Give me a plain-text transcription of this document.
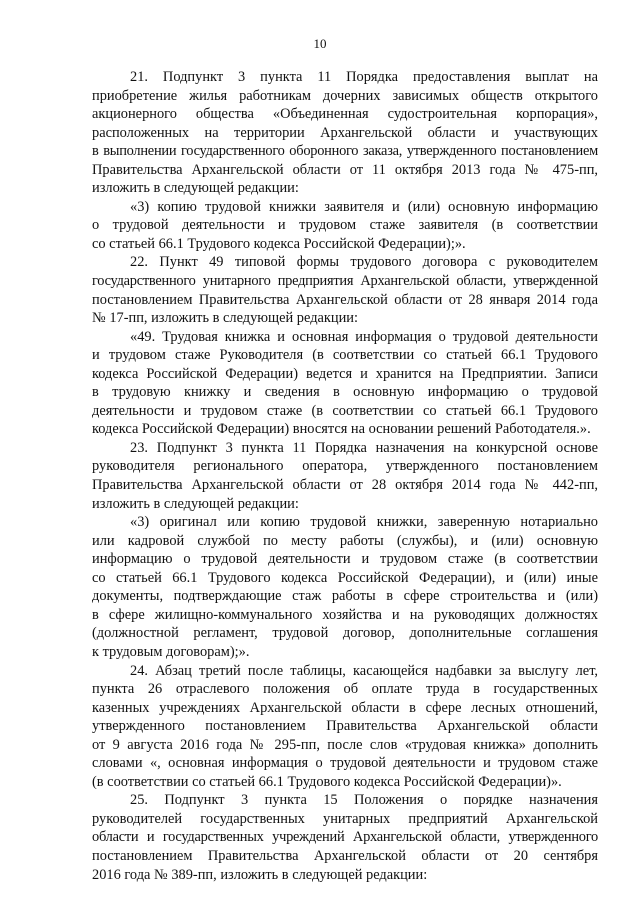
10
21. Подпункт 3 пункта 11 Порядка предоставления выплат на
приобретение жилья работникам дочерних зависимых обществ открытого
акционерного общества «Объединенная судостроительная корпорация»,
расположенных на территории Архангельской области и участвующих
в выполнении государственного оборонного заказа, утвержденного постановлением
Правительства Архангельской области от 11 октября 2013 года № 475-пп,
изложить в следующей редакции:
«3) копию трудовой книжки заявителя и (или) основную информацию
о трудовой деятельности и трудовом стаже заявителя (в соответствии
со статьей 66.1 Трудового кодекса Российской Федерации);».
22. Пункт 49 типовой формы трудового договора с руководителем
государственного унитарного предприятия Архангельской области, утвержденной
постановлением Правительства Архангельской области от 28 января 2014 года
№ 17-пп, изложить в следующей редакции:
«49. Трудовая книжка и основная информация о трудовой деятельности
и трудовом стаже Руководителя (в соответствии со статьей 66.1 Трудового
кодекса Российской Федерации) ведется и хранится на Предприятии. Записи
в трудовую книжку и сведения в основную информацию о трудовой
деятельности и трудовом стаже (в соответствии со статьей 66.1 Трудового
кодекса Российской Федерации) вносятся на основании решений Работодателя.».
23. Подпункт 3 пункта 11 Порядка назначения на конкурсной основе
руководителя регионального оператора, утвержденного постановлением
Правительства Архангельской области от 28 октября 2014 года № 442-пп,
изложить в следующей редакции:
«3) оригинал или копию трудовой книжки, заверенную нотариально
или кадровой службой по месту работы (службы), и (или) основную
информацию о трудовой деятельности и трудовом стаже (в соответствии
со статьей 66.1 Трудового кодекса Российской Федерации), и (или) иные
документы, подтверждающие стаж работы в сфере строительства и (или)
в сфере жилищно-коммунального хозяйства и на руководящих должностях
(должностной регламент, трудовой договор, дополнительные соглашения
к трудовым договорам);».
24. Абзац третий после таблицы, касающейся надбавки за выслугу лет,
пункта 26 отраслевого положения об оплате труда в государственных
казенных учреждениях Архангельской области в сфере лесных отношений,
утвержденного постановлением Правительства Архангельской области
от 9 августа 2016 года № 295-пп, после слов «трудовая книжка» дополнить
словами «, основная информация о трудовой деятельности и трудовом стаже
(в соответствии со статьей 66.1 Трудового кодекса Российской Федерации)».
25. Подпункт 3 пункта 15 Положения о порядке назначения
руководителей государственных унитарных предприятий Архангельской
области и государственных учреждений Архангельской области, утвержденного
постановлением Правительства Архангельской области от 20 сентября
2016 года № 389-пп, изложить в следующей редакции:
